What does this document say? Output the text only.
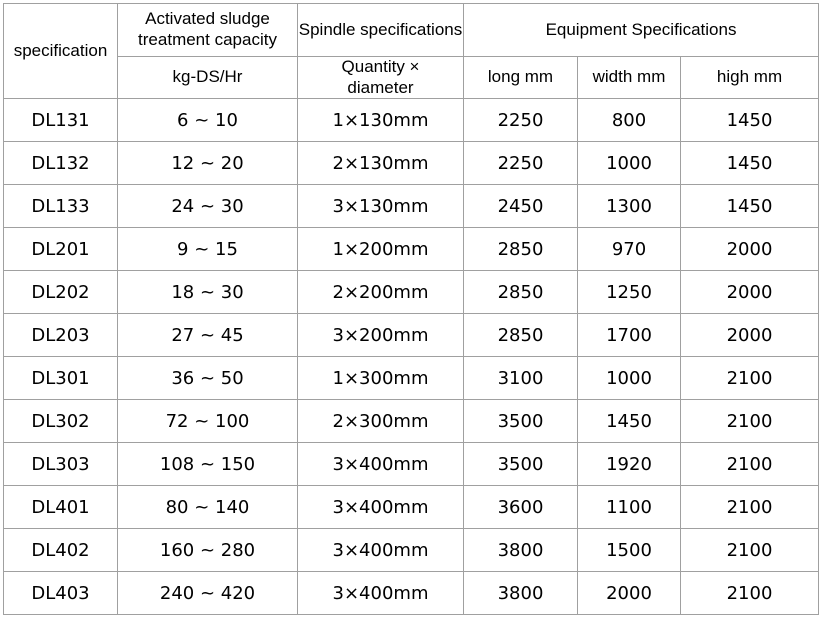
specification	Activated sludge treatment capacity	Spindle specifications	Equipment Specifications		
	kg-DS/Hr	Quantity × diameter	long mm	width mm	high mm
DL131	6 ~ 10	1×130mm	2250	800	1450
DL132	12 ~ 20	2×130mm	2250	1000	1450
DL133	24 ~ 30	3×130mm	2450	1300	1450
DL201	9 ~ 15	1×200mm	2850	970	2000
DL202	18 ~ 30	2×200mm	2850	1250	2000
DL203	27 ~ 45	3×200mm	2850	1700	2000
DL301	36 ~ 50	1×300mm	3100	1000	2100
DL302	72 ~ 100	2×300mm	3500	1450	2100
DL303	108 ~ 150	3×400mm	3500	1920	2100
DL401	80 ~ 140	3×400mm	3600	1100	2100
DL402	160 ~ 280	3×400mm	3800	1500	2100
DL403	240 ~ 420	3×400mm	3800	2000	2100
